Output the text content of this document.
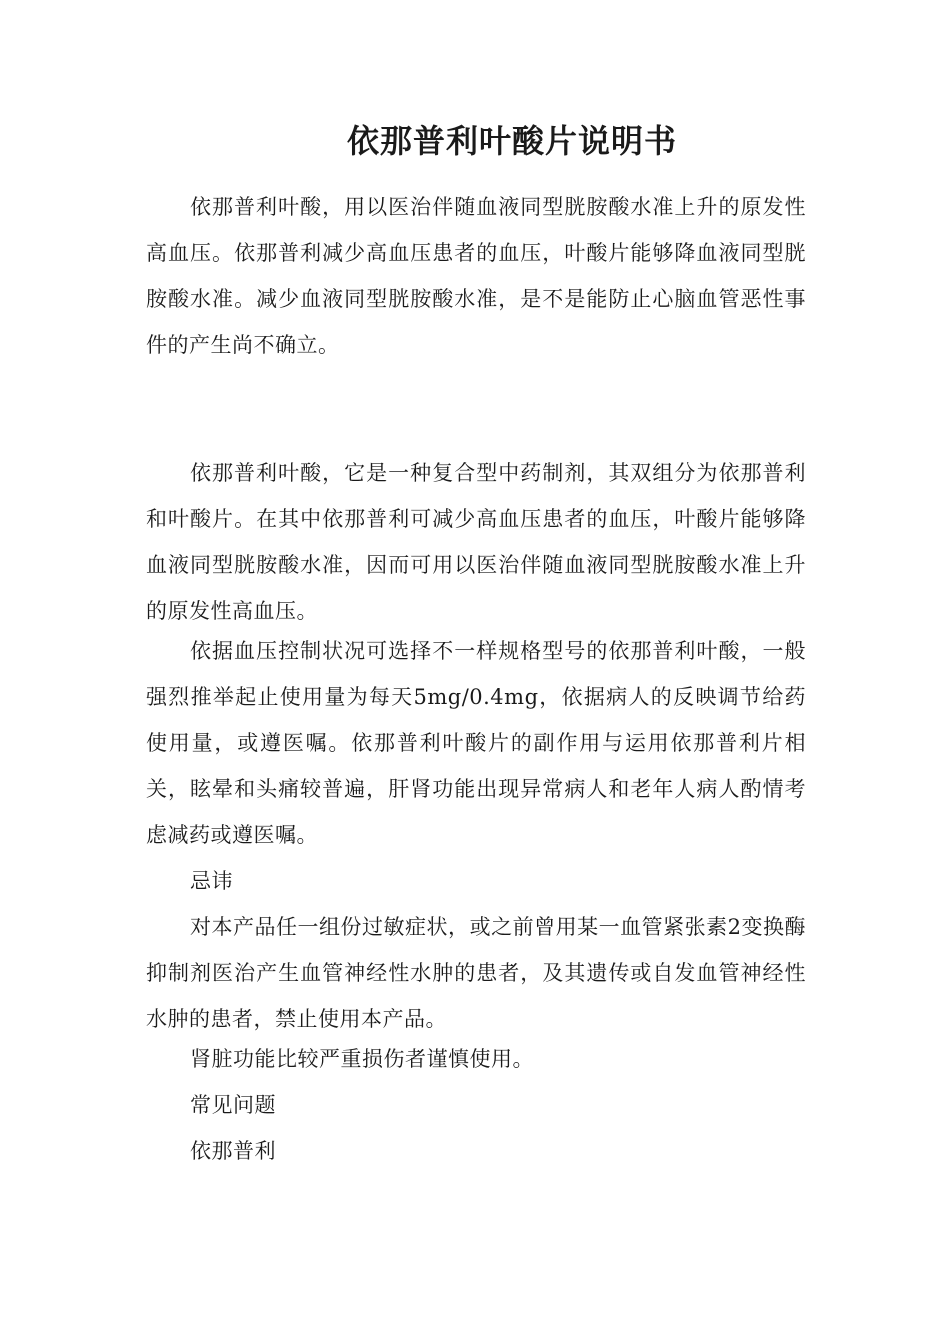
依那普利叶酸片说明书

依那普利叶酸，用以医治伴随血液同型胱胺酸水准上升的原发性高血压。依那普利减少高血压患者的血压，叶酸片能够降血液同型胱胺酸水准。减少血液同型胱胺酸水准，是不是能防止心脑血管恶性事件的产生尚不确立。

依那普利叶酸，它是一种复合型中药制剂，其双组分为依那普利和叶酸片。在其中依那普利可减少高血压患者的血压，叶酸片能够降血液同型胱胺酸水准，因而可用以医治伴随血液同型胱胺酸水准上升的原发性高血压。

依据血压控制状况可选择不一样规格型号的依那普利叶酸，一般强烈推举起止使用量为每天5mg/0.4mg，依据病人的反映调节给药使用量，或遵医嘱。依那普利叶酸片的副作用与运用依那普利片相关，眩晕和头痛较普遍，肝肾功能出现异常病人和老年人病人酌情考虑减药或遵医嘱。

忌讳

对本产品任一组份过敏症状，或之前曾用某一血管紧张素2变换酶抑制剂医治产生血管神经性水肿的患者，及其遗传或自发血管神经性水肿的患者，禁止使用本产品。

肾脏功能比较严重损伤者谨慎使用。

常见问题

依那普利
